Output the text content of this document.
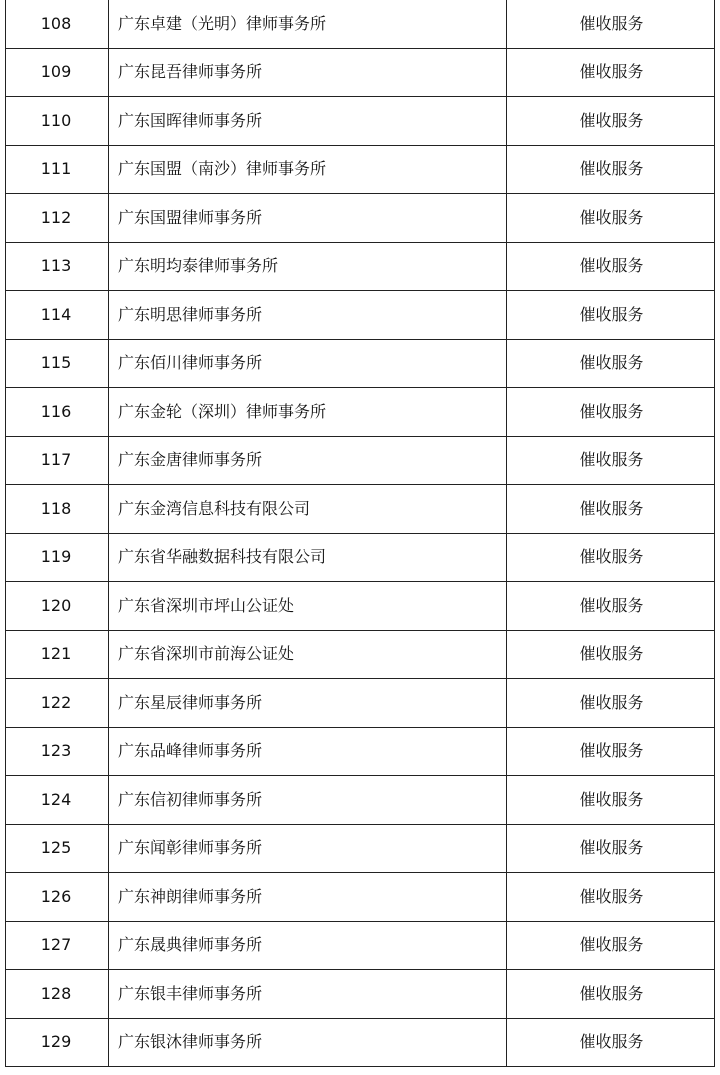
108	广东卓建（光明）律师事务所	催收服务
109	广东昆吾律师事务所	催收服务
110	广东国晖律师事务所	催收服务
111	广东国盟（南沙）律师事务所	催收服务
112	广东国盟律师事务所	催收服务
113	广东明均泰律师事务所	催收服务
114	广东明思律师事务所	催收服务
115	广东佰川律师事务所	催收服务
116	广东金轮（深圳）律师事务所	催收服务
117	广东金唐律师事务所	催收服务
118	广东金湾信息科技有限公司	催收服务
119	广东省华融数据科技有限公司	催收服务
120	广东省深圳市坪山公证处	催收服务
121	广东省深圳市前海公证处	催收服务
122	广东星辰律师事务所	催收服务
123	广东品峰律师事务所	催收服务
124	广东信初律师事务所	催收服务
125	广东闻彰律师事务所	催收服务
126	广东神朗律师事务所	催收服务
127	广东晟典律师事务所	催收服务
128	广东银丰律师事务所	催收服务
129	广东银沐律师事务所	催收服务
